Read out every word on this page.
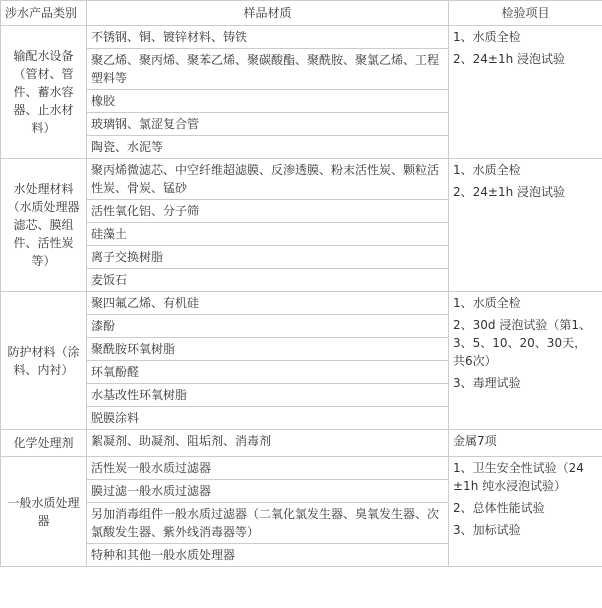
涉水产品类别	样品材质	检验项目
输配水设备（管材、管件、蓄水容器、止水材料）	不锈钢、铜、镀锌材料、铸铁	1、水质全检
2、24±1h 浸泡试验

	聚乙烯、聚丙烯、聚苯乙烯、聚碳酸酯、聚酰胺、聚氯乙烯、工程塑料等	
	橡胶	
	玻璃钢、氯涩复合管	
	陶瓷、水泥等	
水处理材料（水质处理器滤芯、膜组件、活性炭等）	聚丙烯微滤芯、中空纤维超滤膜、反渗透膜、粉末活性炭、颗粒活性炭、骨炭、锰砂	1、水质全检
2、24±1h 浸泡试验

	活性氧化铝、分子筛	
	硅藻土	
	离子交换树脂	
	麦饭石	
防护材料（涂料、内衬）	聚四氟乙烯、有机硅	1、水质全检
2、30d 浸泡试验（第1、3、5、10、20、30天，共6次）
3、毒理试验

	漆酚	
	聚酰胺环氧树脂	
	环氧酚醛	
	水基改性环氧树脂	
	脱膜涂料	
化学处理剂	絮凝剂、助凝剂、阻垢剂、消毒剂	金属7项

一般水质处理器	活性炭一般水质过滤器	1、卫生安全性试验（24±1h 纯水浸泡试验）
2、总体性能试验
3、加标试验

	膜过滤一般水质过滤器	
	另加消毒组件一般水质过滤器（二氧化氯发生器、臭氧发生器、次氯酸发生器、紫外线消毒器等）	
	特种和其他一般水质处理器	
